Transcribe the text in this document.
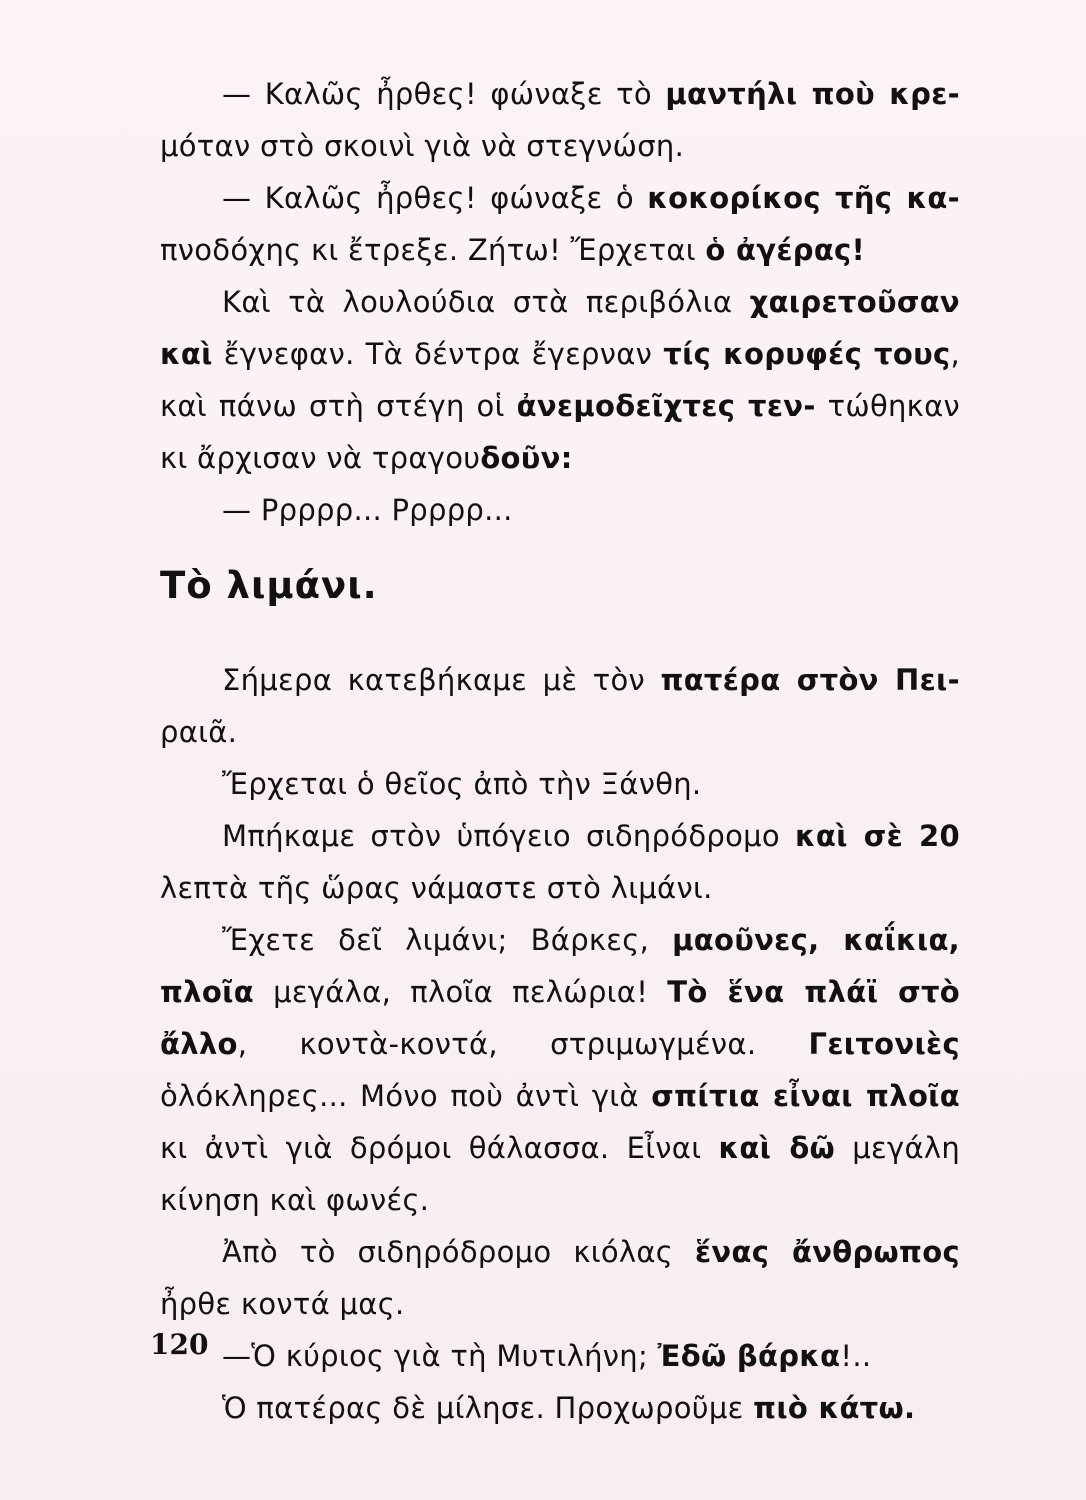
— Καλῶς ἦρθες! φώναξε τὸ μαντήλι ποὺ κρε- μόταν στὸ σκοινὶ γιὰ νὰ στεγνώση.

— Καλῶς ἦρθες! φώναξε ὁ κοκορίκος τῆς κα- πνοδόχης κι ἔτρεξε. Ζήτω! Ἔρχεται ὁ ἀγέρας!

Καὶ τὰ λουλούδια στὰ περιβόλια χαιρετοῦσαν καὶ ἔγνεφαν. Τὰ δέντρα ἔγερναν τίς κορυφές τους, καὶ πάνω στὴ στέγη οἱ ἀνεμοδεῖχτες τεν- τώθηκαν κι ἄρχισαν νὰ τραγουδοῦν:

— Ρρρρρ... Ρρρρρ...

Τὸ λιμάνι.

Σήμερα κατεβήκαμε μὲ τὸν πατέρα στὸν Πει- ραιᾶ.

Ἔρχεται ὁ θεῖος ἀπὸ τὴν Ξάνθη.

Μπήκαμε στὸν ὑπόγειο σιδηρόδρομο καὶ σὲ 20 λεπτὰ τῆς ὥρας νάμαστε στὸ λιμάνι.

Ἔχετε δεῖ λιμάνι; Βάρκες, μαοῦνες, καΐκια, πλοῖα μεγάλα, πλοῖα πελώρια! Τὸ ἕνα πλάϊ στὸ ἄλλο, κοντὰ-κοντά, στριμωγμένα. Γειτονιὲς ὁλόκληρες... Μόνο ποὺ ἀντὶ γιὰ σπίτια εἶναι πλοῖα κι ἀντὶ γιὰ δρόμοι θάλασσα. Εἶναι καὶ δῶ μεγάλη κίνηση καὶ φωνές.

Ἀπὸ τὸ σιδηρόδρομο κιόλας ἕνας ἄνθρωπος ἦρθε κοντά μας.

—Ὁ κύριος γιὰ τὴ Μυτιλήνη; Ἐδῶ βάρκα!..

Ὁ πατέρας δὲ μίλησε. Προχωροῦμε πιὸ κάτω.

120
